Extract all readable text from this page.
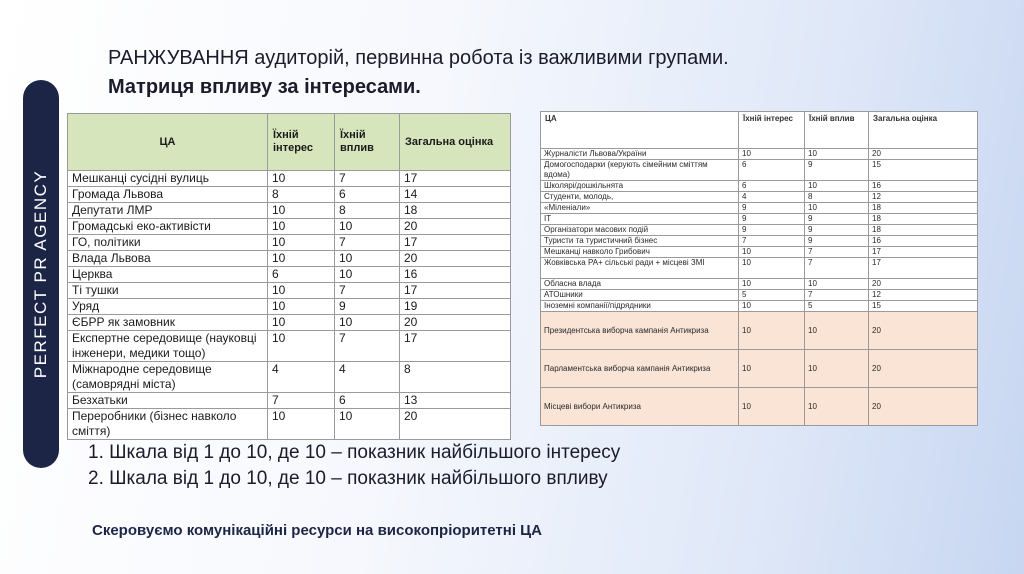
PERFECT PR AGENCY
РАНЖУВАННЯ аудиторій, первинна робота із важливими групами.
Матриця впливу за інтересами.
ЦА	Їхній інтерес	Їхній вплив	Загальна оцінка
Мешканці сусідні вулиць	10	7	17
Громада Львова	8	6	14
Депутати ЛМР	10	8	18
Громадські еко-активісти	10	10	20
ГО, політики	10	7	17
Влада Львова	10	10	20
Церква	6	10	16
Ті тушки	10	7	17
Уряд	10	9	19
ЄБРР як замовник	10	10	20
Експертне середовище (науковці інженери, медики тощо)	10	7	17
Міжнародне середовище (самоврядні міста)	4	4	8
Безхатьки	7	6	13
Переробники (бізнес навколо сміття)	10	10	20
ЦА	Їхній інтерес	Їхній вплив	Загальна оцінка
Журналісти Львова/України	10	10	20
Домогосподарки (керують сімейним сміттям вдома)	6	9	15
Школярі/дошкільнята	6	10	16
Студенти, молодь,	4	8	12
«Міленіали»	9	10	18
IT	9	9	18
Організатори масових подій	9	9	18
Туристи та туристичний бізнес	7	9	16
Мешканці навколо Грибович	10	7	17
Жовківська РА+ сільські ради + місцеві ЗМІ	10	7	17
Обласна влада	10	10	20
АТОшники	5	7	12
Іноземні компанії/підрядники	10	5	15
Президентська виборча кампанія Антикриза	10	10	20
Парламентська виборча кампанія Антикриза	10	10	20
Місцеві вибори Антикриза	10	10	20
1. Шкала від 1 до 10, де 10 – показник найбільшого інтересу
2. Шкала від 1 до 10, де 10 – показник найбільшого впливу
Скеровуємо комунікаційні ресурси на високопріоритетні ЦА
